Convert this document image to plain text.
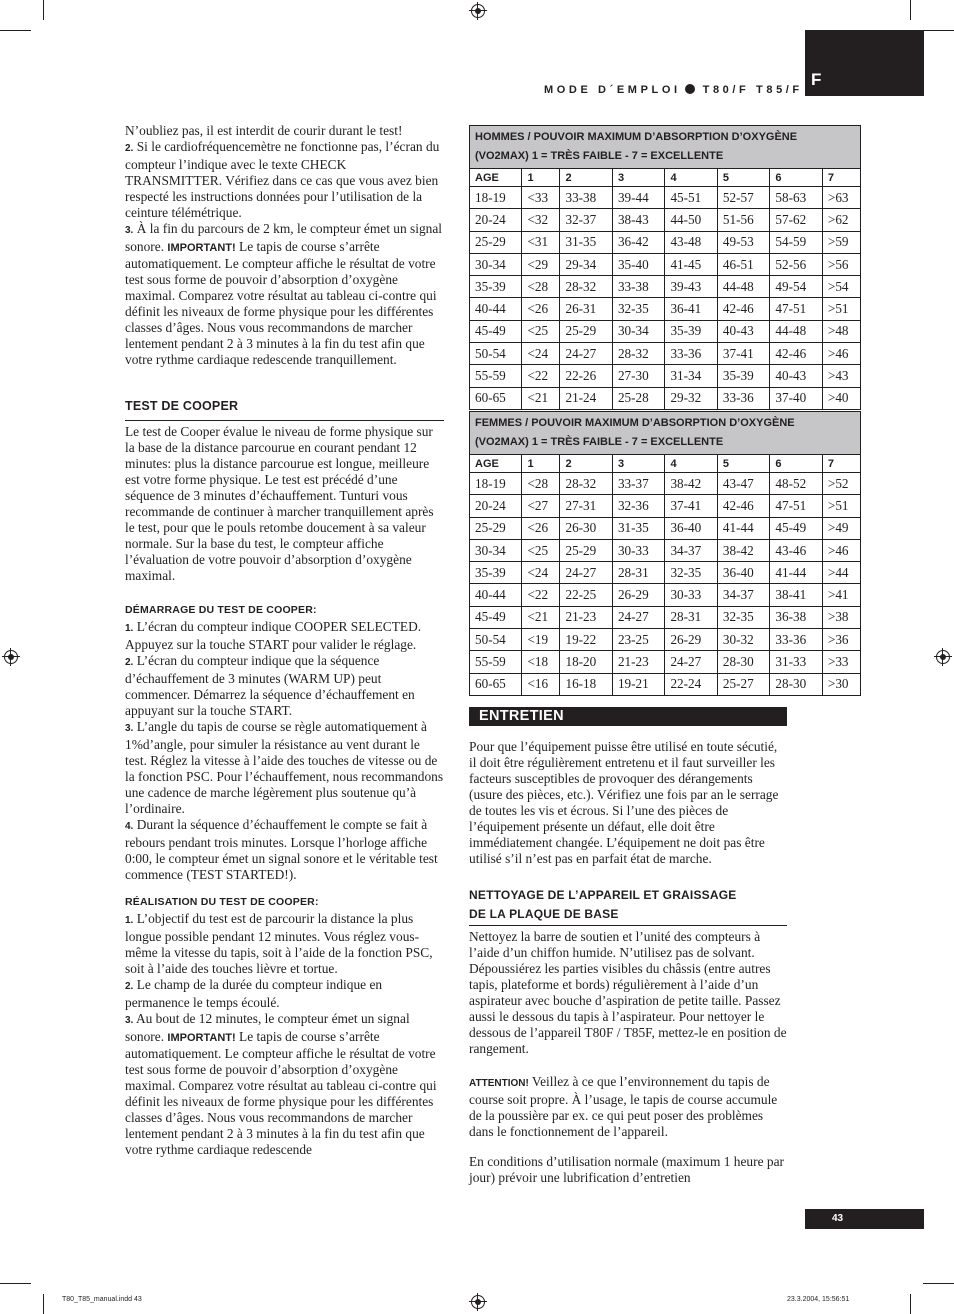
MODE D´EMPLOI T80/F T85/F
F

N’oubliez pas, il est interdit de courir durant le test!

2. Si le cardiofréquencemètre ne fonctionne pas, l’écran du compteur l’indique avec le texte CHECK TRANSMITTER. Vérifiez dans ce cas que vous avez bien respecté les instructions données pour l’utilisation de la ceinture télémétrique.

3. À la fin du parcours de 2 km, le compteur émet un signal sonore. IMPORTANT! Le tapis de course s’arrête automatiquement. Le compteur affiche le résultat de votre test sous forme de pouvoir d’absorption d’oxygène maximal. Comparez votre résultat au tableau ci-contre qui définit les niveaux de forme physique pour les différentes classes d’âges. Nous vous recommandons de marcher lentement pendant 2 à 3 minutes à la fin du test afin que votre rythme cardiaque redescende tranquillement.

TEST DE COOPER

Le test de Cooper évalue le niveau de forme physique sur la base de la distance parcourue en courant pendant 12 minutes: plus la distance parcourue est longue, meilleure est votre forme physique. Le test est précédé d’une séquence de 3 minutes d’échauffement. Tunturi vous recommande de continuer à marcher tranquillement après le test, pour que le pouls retombe doucement à sa valeur normale. Sur la base du test, le compteur affiche l’évaluation de votre pouvoir d’absorption d’oxygène maximal.

DÉMARRAGE DU TEST DE COOPER:

1. L’écran du compteur indique COOPER SELECTED. Appuyez sur la touche START pour valider le réglage.

2. L’écran du compteur indique que la séquence d’échauffement de 3 minutes (WARM UP) peut commencer. Démarrez la séquence d’échauffement en appuyant sur la touche START.

3. L’angle du tapis de course se règle automatiquement à 1%d’angle, pour simuler la résistance au vent durant le test. Réglez la vitesse à l’aide des touches de vitesse ou de la fonction PSC. Pour l’échauffement, nous recommandons une cadence de marche légèrement plus soutenue qu’à l’ordinaire.

4. Durant la séquence d’échauffement le compte se fait à rebours pendant trois minutes. Lorsque l’horloge affiche 0:00, le compteur émet un signal sonore et le véritable test commence (TEST STARTED!).

RÉALISATION DU TEST DE COOPER:

1. L’objectif du test est de parcourir la distance la plus longue possible pendant 12 minutes. Vous réglez vous-même la vitesse du tapis, soit à l’aide de la fonction PSC, soit à l’aide des touches lièvre et tortue.

2. Le champ de la durée du compteur indique en permanence le temps écoulé.

3. Au bout de 12 minutes, le compteur émet un signal sonore. IMPORTANT! Le tapis de course s’arrête automatiquement. Le compteur affiche le résultat de votre test sous forme de pouvoir d’absorption d’oxygène maximal. Comparez votre résultat au tableau ci-contre qui définit les niveaux de forme physique pour les différentes classes d’âges. Nous vous recommandons de marcher lentement pendant 2 à 3 minutes à la fin du test afin que votre rythme cardiaque redescende

HOMMES / POUVOIR MAXIMUM D’ABSORPTION D’OXYGÈNE
(VO2MAX) 1 = TRÈS FAIBLE - 7 = EXCELLENTE							
AGE	1	2	3	4	5	6	7
18-19	<33	33-38	39-44	45-51	52-57	58-63	>63
20-24	<32	32-37	38-43	44-50	51-56	57-62	>62
25-29	<31	31-35	36-42	43-48	49-53	54-59	>59
30-34	<29	29-34	35-40	41-45	46-51	52-56	>56
35-39	<28	28-32	33-38	39-43	44-48	49-54	>54
40-44	<26	26-31	32-35	36-41	42-46	47-51	>51
45-49	<25	25-29	30-34	35-39	40-43	44-48	>48
50-54	<24	24-27	28-32	33-36	37-41	42-46	>46
55-59	<22	22-26	27-30	31-34	35-39	40-43	>43
60-65	<21	21-24	25-28	29-32	33-36	37-40	>40
FEMMES / POUVOIR MAXIMUM D’ABSORPTION D’OXYGÈNE
(VO2MAX) 1 = TRÈS FAIBLE - 7 = EXCELLENTE							
AGE	1	2	3	4	5	6	7
18-19	<28	28-32	33-37	38-42	43-47	48-52	>52
20-24	<27	27-31	32-36	37-41	42-46	47-51	>51
25-29	<26	26-30	31-35	36-40	41-44	45-49	>49
30-34	<25	25-29	30-33	34-37	38-42	43-46	>46
35-39	<24	24-27	28-31	32-35	36-40	41-44	>44
40-44	<22	22-25	26-29	30-33	34-37	38-41	>41
45-49	<21	21-23	24-27	28-31	32-35	36-38	>38
50-54	<19	19-22	23-25	26-29	30-32	33-36	>36
55-59	<18	18-20	21-23	24-27	28-30	31-33	>33
60-65	<16	16-18	19-21	22-24	25-27	28-30	>30
ENTRETIEN

Pour que l’équipement puisse être utilisé en toute sécutié, il doit être régulièrement entretenu et il faut surveiller les facteurs susceptibles de provoquer des dérangements (usure des pièces, etc.). Vérifiez une fois par an le serrage de toutes les vis et écrous. Si l’une des pièces de l’équipement présente un défaut, elle doit être immédiatement changée. L’équipement ne doit pas être utilisé s’il n’est pas en parfait état de marche.

NETTOYAGE DE L’APPAREIL ET GRAISSAGE
DE LA PLAQUE DE BASE

Nettoyez la barre de soutien et l’unité des compteurs à l’aide d’un chiffon humide. N’utilisez pas de solvant. Dépoussiérez les parties visibles du châssis (entre autres tapis, plateforme et bords) régulièrement à l’aide d’un aspirateur avec bouche d’aspiration de petite taille. Passez aussi le dessous du tapis à l’aspirateur. Pour nettoyer le dessous de l’appareil T80F / T85F, mettez-le en position de rangement.

ATTENTION! Veillez à ce que l’environnement du tapis de course soit propre. À l’usage, le tapis de course accumule de la poussière par ex. ce qui peut poser des problèmes dans le fonctionnement de l’appareil.

En conditions d’utilisation normale (maximum 1 heure par jour) prévoir une lubrification d’entretien

43
T80_T85_manual.indd 43	23.3.2004, 15:56:51
